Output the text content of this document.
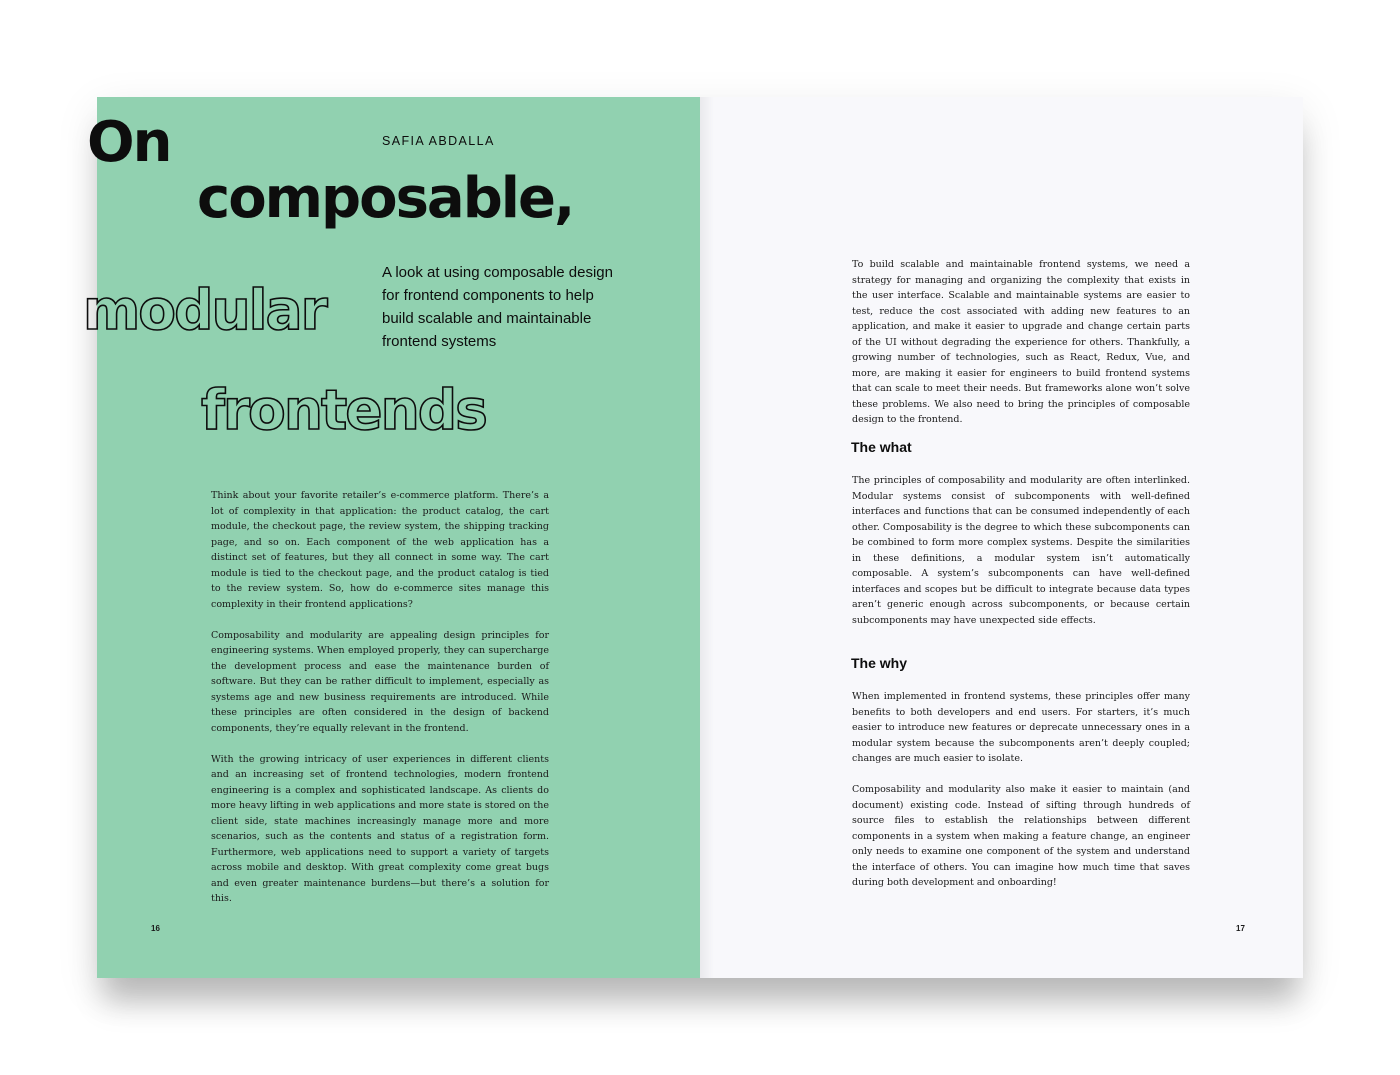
On
composable,
modular
frontends
SAFIA ABDALLA
A look at using composable design for frontend components to help build scalable and maintainable frontend systems

Think about your favorite retailer’s e-commerce platform. There’s a lot of complexity in that application: the product catalog, the cart module, the checkout page, the review system, the shipping tracking page, and so on. Each component of the web application has a distinct set of features, but they all connect in some way. The cart module is tied to the checkout page, and the product catalog is tied to the review system. So, how do e-commerce sites manage this complexity in their frontend applications?

Composability and modularity are appealing design principles for engineering systems. When employed properly, they can supercharge the development process and ease the maintenance burden of software. But they can be rather difficult to implement, especially as systems age and new business requirements are introduced. While these principles are often considered in the design of backend components, they’re equally relevant in the frontend.

With the growing intricacy of user experiences in different clients and an increasing set of frontend technologies, modern frontend engineering is a complex and sophisticated landscape. As clients do more heavy lifting in web applications and more state is stored on the client side, state machines increasingly manage more and more scenarios, such as the contents and status of a registration form. Furthermore, web applications need to support a variety of targets across mobile and desktop. With great complexity come great bugs and even greater maintenance burdens—but there’s a solution for this.

16

To build scalable and maintainable frontend systems, we need a strategy for managing and organizing the complexity that exists in the user interface. Scalable and maintainable systems are easier to test, reduce the cost associated with adding new features to an application, and make it easier to upgrade and change certain parts of the UI without degrading the experience for others. Thankfully, a growing number of technologies, such as React, Redux, Vue, and more, are making it easier for engineers to build frontend systems that can scale to meet their needs. But frameworks alone won’t solve these problems. We also need to bring the principles of composable design to the frontend.

The what

The principles of composability and modularity are often interlinked. Modular systems consist of subcomponents with well-defined interfaces and functions that can be consumed independently of each other. Composability is the degree to which these subcomponents can be combined to form more complex systems. Despite the similarities in these definitions, a modular system isn’t automatically composable. A system’s subcomponents can have well-defined interfaces and scopes but be difficult to integrate because data types aren’t generic enough across subcomponents, or because certain subcomponents may have unexpected side effects.

The why

When implemented in frontend systems, these principles offer many benefits to both developers and end users. For starters, it’s much easier to introduce new features or deprecate unnecessary ones in a modular system because the subcomponents aren’t deeply coupled; changes are much easier to isolate.

Composability and modularity also make it easier to maintain (and document) existing code. Instead of sifting through hundreds of source files to establish the relationships between different components in a system when making a feature change, an engineer only needs to examine one component of the system and understand the interface of others. You can imagine how much time that saves during both development and onboarding!

17
